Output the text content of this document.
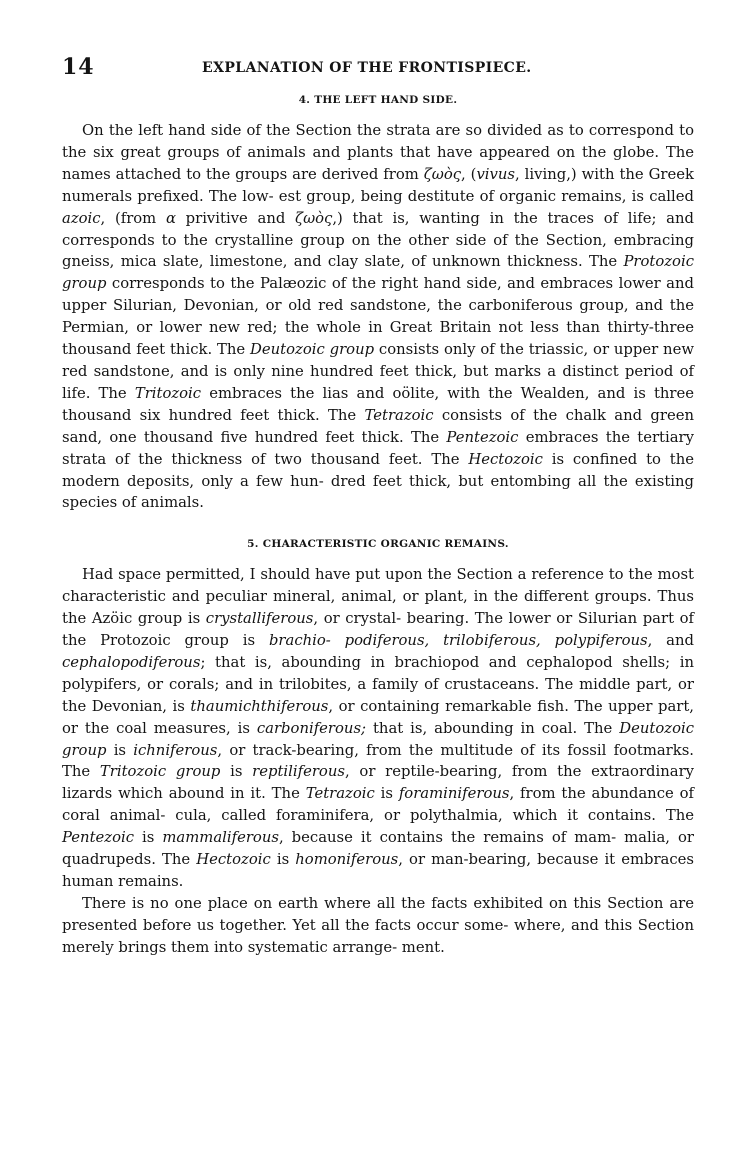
14	EXPLANATION OF THE FRONTISPIECE.
4. THE LEFT HAND SIDE.

On the left hand side of the Section the strata are so divided as to correspond to the six great groups of animals and plants that have appeared on the globe. The names attached to the groups are derived from ζωὸς, (vivus, living,) with the Greek numerals prefixed. The low- est group, being destitute of organic remains, is called azoic, (from α privitive and ζωὸς,) that is, wanting in the traces of life; and corresponds to the crystalline group on the other side of the Section, embracing gneiss, mica slate, limestone, and clay slate, of unknown thickness. The Protozoic group corresponds to the Palæozic of the right hand side, and embraces lower and upper Silurian, Devonian, or old red sandstone, the carboniferous group, and the Permian, or lower new red; the whole in Great Britain not less than thirty-three thousand feet thick. The Deutozoic group consists only of the triassic, or upper new red sandstone, and is only nine hundred feet thick, but marks a distinct period of life. The Tritozoic embraces the lias and oölite, with the Wealden, and is three thousand six hundred feet thick. The Tetrazoic consists of the chalk and green sand, one thousand five hundred feet thick. The Pentezoic embraces the tertiary strata of the thickness of two thousand feet. The Hectozoic is confined to the modern deposits, only a few hun- dred feet thick, but entombing all the existing species of animals.

5. CHARACTERISTIC ORGANIC REMAINS.

Had space permitted, I should have put upon the Section a reference to the most characteristic and peculiar mineral, animal, or plant, in the different groups. Thus the Azöic group is crystalliferous, or crystal- bearing. The lower or Silurian part of the Protozoic group is brachio- podiferous, trilobiferous, polypiferous, and cephalopodiferous; that is, abounding in brachiopod and cephalopod shells; in polypifers, or corals; and in trilobites, a family of crustaceans. The middle part, or the Devonian, is thaumichthiferous, or containing remarkable fish. The upper part, or the coal measures, is carboniferous; that is, abounding in coal. The Deutozoic group is ichniferous, or track-bearing, from the multitude of its fossil footmarks. The Tritozoic group is reptiliferous, or reptile-bearing, from the extraordinary lizards which abound in it. The Tetrazoic is foraminiferous, from the abundance of coral animal- cula, called foraminifera, or polythalmia, which it contains. The Pentezoic is mammaliferous, because it contains the remains of mam- malia, or quadrupeds. The Hectozoic is homoniferous, or man-bearing, because it embraces human remains.

There is no one place on earth where all the facts exhibited on this Section are presented before us together. Yet all the facts occur some- where, and this Section merely brings them into systematic arrange- ment.
